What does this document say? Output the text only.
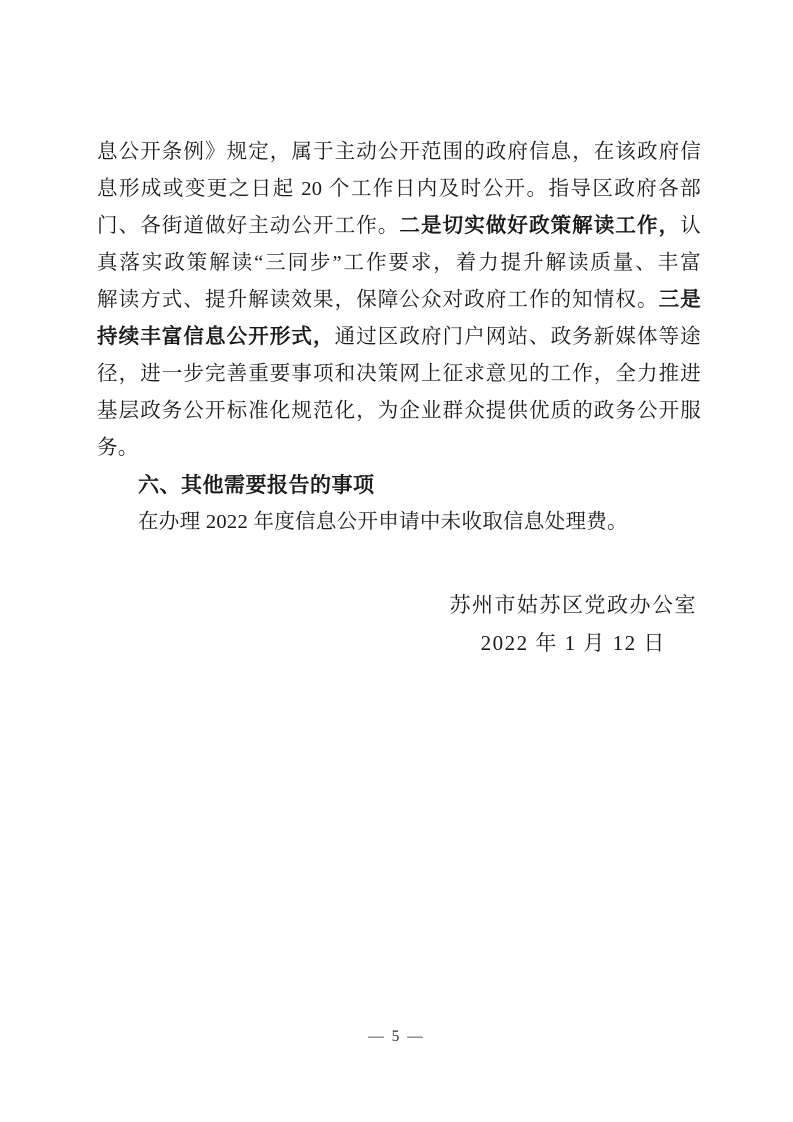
息公开条例》规定，属于主动公开范围的政府信息，在该政府信
息形成或变更之日起 20 个工作日内及时公开。指导区政府各部
门、各街道做好主动公开工作。二是切实做好政策解读工作，认
真落实政策解读“三同步”工作要求，着力提升解读质量、丰富
解读方式、提升解读效果，保障公众对政府工作的知情权。三是
持续丰富信息公开形式，通过区政府门户网站、政务新媒体等途
径，进一步完善重要事项和决策网上征求意见的工作，全力推进
基层政务公开标准化规范化，为企业群众提供优质的政务公开服
务。
六、其他需要报告的事项
在办理 2022 年度信息公开申请中未收取信息处理费。
苏州市姑苏区党政办公室
2022 年 1 月 12 日
— 5 —
